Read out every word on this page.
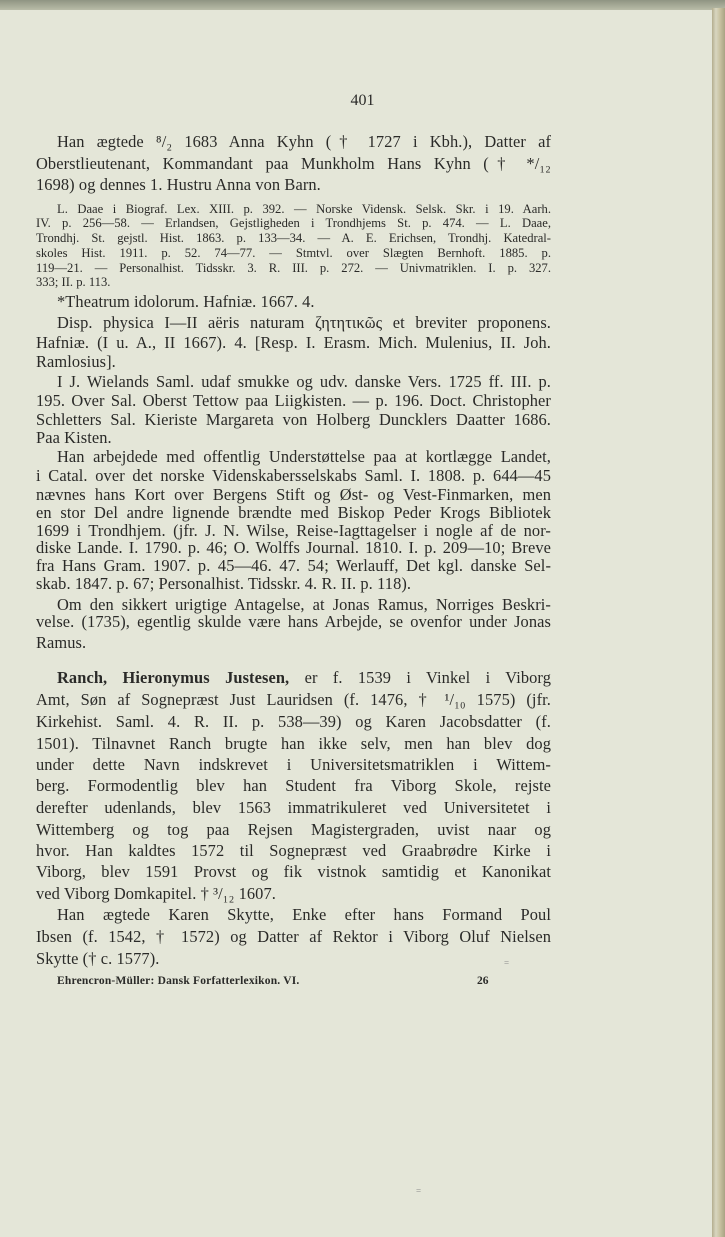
401
Han ægtede ⁸/₂ 1683 Anna Kyhn († 1727 i Kbh.), Datter af
Oberstlieutenant, Kommandant paa Munkholm Hans Kyhn († */₁₂
1698) og dennes 1. Hustru Anna von Barn.
L. Daae i Biograf. Lex. XIII. p. 392. — Norske Vidensk. Selsk. Skr. i 19. Aarh.
IV. p. 256—58. — Erlandsen, Gejstligheden i Trondhjems St. p. 474. — L. Daae,
Trondhj. St. gejstl. Hist. 1863. p. 133—34. — A. E. Erichsen, Trondhj. Katedral-
skoles Hist. 1911. p. 52. 74—77. — Stmtvl. over Slægten Bernhoft. 1885. p.
119—21. — Personalhist. Tidsskr. 3. R. III. p. 272. — Univmatriklen. I. p. 327.
333; II. p. 113.
*Theatrum idolorum. Hafniæ. 1667. 4.
Disp. physica I—II aëris naturam ζητητικῶς et breviter proponens.
Hafniæ. (I u. A., II 1667). 4. [Resp. I. Erasm. Mich. Mulenius, II. Joh.
Ramlosius].
I J. Wielands Saml. udaf smukke og udv. danske Vers. 1725 ff. III. p.
195. Over Sal. Oberst Tettow paa Liigkisten. — p. 196. Doct. Christopher
Schletters Sal. Kieriste Margareta von Holberg Duncklers Daatter 1686.
Paa Kisten.
Han arbejdede med offentlig Understøttelse paa at kortlægge Landet,
i Catal. over det norske Videnskabersselskabs Saml. I. 1808. p. 644—45
nævnes hans Kort over Bergens Stift og Øst- og Vest-Finmarken, men
en stor Del andre lignende brændte med Biskop Peder Krogs Bibliotek
1699 i Trondhjem. (jfr. J. N. Wilse, Reise-Iagttagelser i nogle af de nor-
diske Lande. I. 1790. p. 46; O. Wolffs Journal. 1810. I. p. 209—10; Breve
fra Hans Gram. 1907. p. 45—46. 47. 54; Werlauff, Det kgl. danske Sel-
skab. 1847. p. 67; Personalhist. Tidsskr. 4. R. II. p. 118).
Om den sikkert urigtige Antagelse, at Jonas Ramus, Norriges Beskri-
velse. (1735), egentlig skulde være hans Arbejde, se ovenfor under Jonas
Ramus.
Ranch, Hieronymus Justesen, er f. 1539 i Vinkel i Viborg
Amt, Søn af Sognepræst Just Lauridsen (f. 1476, † ¹/₁₀ 1575) (jfr.
Kirkehist. Saml. 4. R. II. p. 538—39) og Karen Jacobsdatter (f.
1501). Tilnavnet Ranch brugte han ikke selv, men han blev dog
under dette Navn indskrevet i Universitetsmatriklen i Wittem-
berg. Formodentlig blev han Student fra Viborg Skole, rejste
derefter udenlands, blev 1563 immatrikuleret ved Universitetet i
Wittemberg og tog paa Rejsen Magistergraden, uvist naar og
hvor. Han kaldtes 1572 til Sognepræst ved Graabrødre Kirke i
Viborg, blev 1591 Provst og fik vistnok samtidig et Kanonikat
ved Viborg Domkapitel. † ³/₁₂ 1607.
Han ægtede Karen Skytte, Enke efter hans Formand Poul
Ibsen (f. 1542, † 1572) og Datter af Rektor i Viborg Oluf Nielsen
Skytte († c. 1577).
Ehrencron-Müller: Dansk Forfatterlexikon. VI.	26
=
=
